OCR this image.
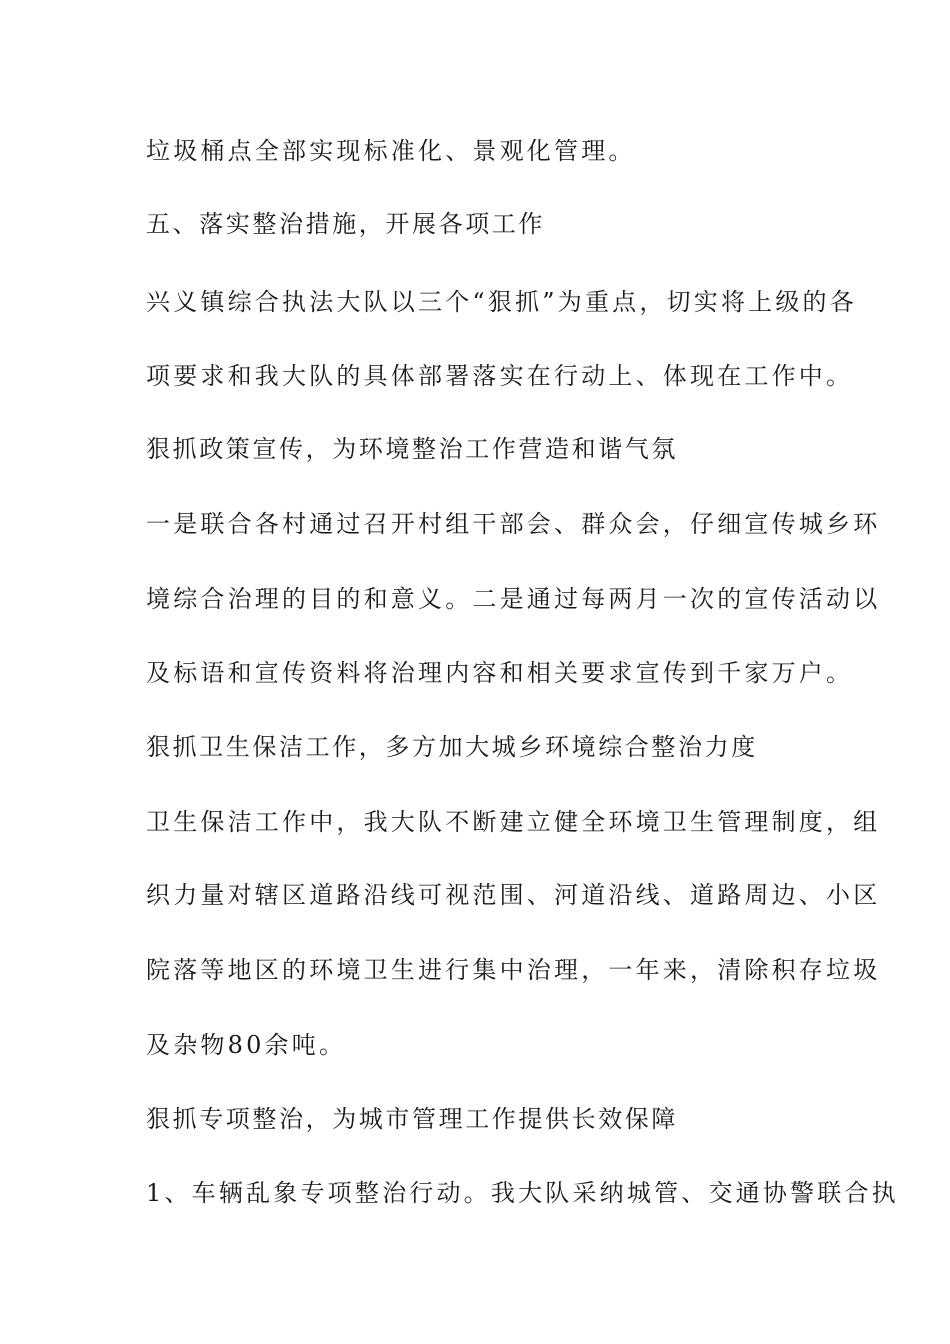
垃圾桶点全部实现标准化、景观化管理。
五、落实整治措施，开展各项工作
兴义镇综合执法大队以三个“狠抓”为重点，切实将上级的各
项要求和我大队的具体部署落实在行动上、体现在工作中。
狠抓政策宣传，为环境整治工作营造和谐气氛
一是联合各村通过召开村组干部会、群众会，仔细宣传城乡环
境综合治理的目的和意义。二是通过每两月一次的宣传活动以
及标语和宣传资料将治理内容和相关要求宣传到千家万户。
狠抓卫生保洁工作，多方加大城乡环境综合整治力度
卫生保洁工作中，我大队不断建立健全环境卫生管理制度，组
织力量对辖区道路沿线可视范围、河道沿线、道路周边、小区
院落等地区的环境卫生进行集中治理，一年来，清除积存垃圾
及杂物80余吨。
狠抓专项整治，为城市管理工作提供长效保障
1、车辆乱象专项整治行动。我大队采纳城管、交通协警联合执
